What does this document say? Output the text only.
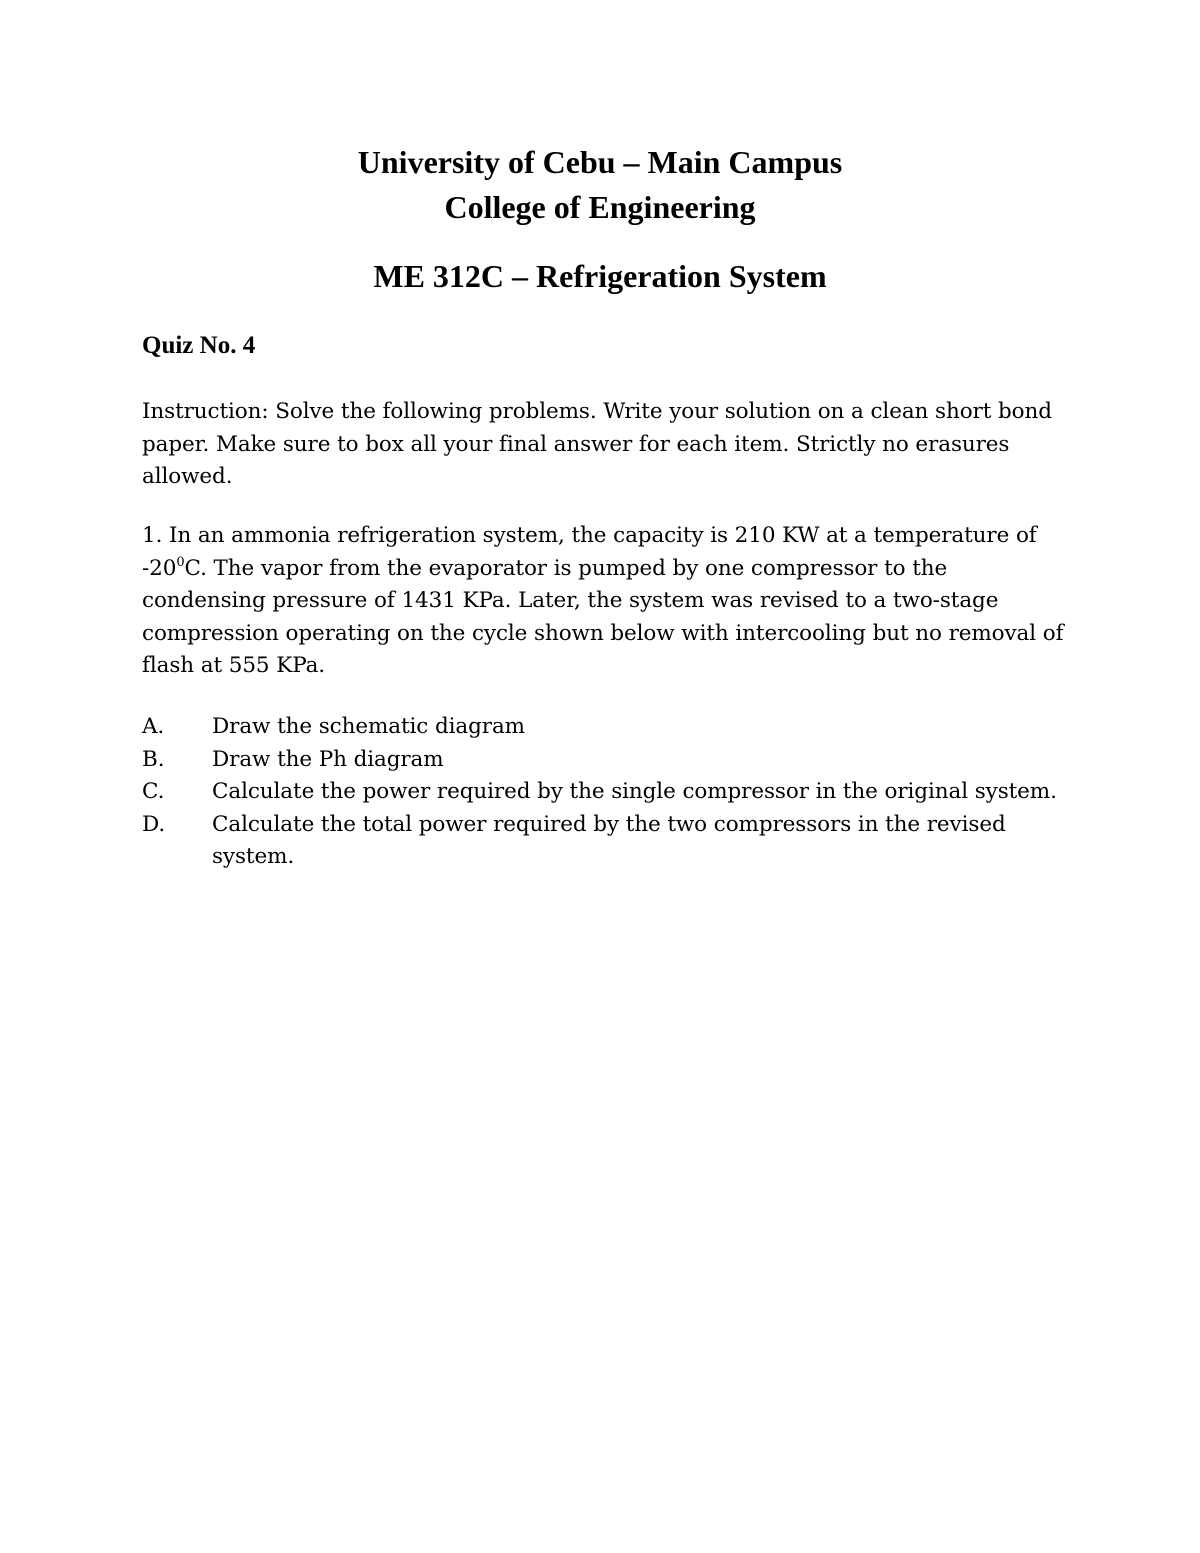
University of Cebu – Main Campus
College of Engineering
ME 312C – Refrigeration System
Quiz No. 4

Instruction: Solve the following problems. Write your solution on a clean short bond paper. Make sure to box all your final answer for each item. Strictly no erasures allowed.

1. In an ammonia refrigeration system, the capacity is 210 KW at a temperature of $-20^0C$. The vapor from the evaporator is pumped by one compressor to the condensing pressure of 1431 KPa. Later, the system was revised to a two-stage compression operating on the cycle shown below with intercooling but no removal of flash at 555 KPa.

A. Draw the schematic diagram
B. Draw the Ph diagram
C. Calculate the power required by the single compressor in the original system.
D. Calculate the total power required by the two compressors in the revised system.
